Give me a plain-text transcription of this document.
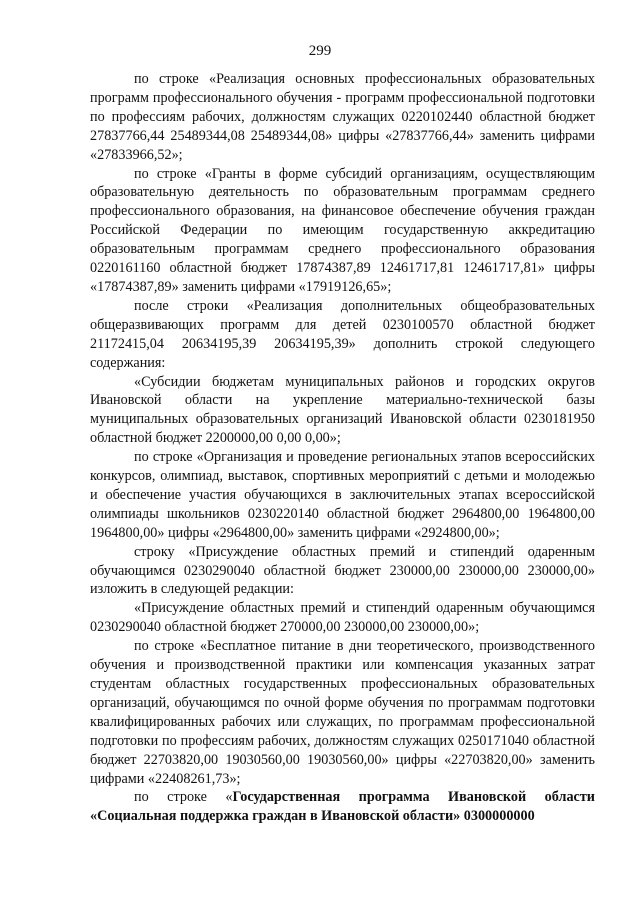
299

по строке «Реализация основных профессиональных образовательных программ профессионального обучения - программ профессиональной подготовки по профессиям рабочих, должностям служащих 0220102440 областной бюджет 27837766,44 25489344,08 25489344,08» цифры «27837766,44» заменить цифрами «27833966,52»;

по строке «Гранты в форме субсидий организациям, осуществляющим образовательную деятельность по образовательным программам среднего профессионального образования, на финансовое обеспечение обучения граждан Российской Федерации по имеющим государственную аккредитацию образовательным программам среднего профессионального образования 0220161160 областной бюджет 17874387,89 12461717,81 12461717,81» цифры «17874387,89» заменить цифрами «17919126,65»;

после строки «Реализация дополнительных общеобразовательных общеразвивающих программ для детей 0230100570 областной бюджет 21172415,04 20634195,39 20634195,39» дополнить строкой следующего содержания:

«Субсидии бюджетам муниципальных районов и городских округов Ивановской области на укрепление материально-технической базы муниципальных образовательных организаций Ивановской области 0230181950 областной бюджет 2200000,00 0,00 0,00»;

по строке «Организация и проведение региональных этапов всероссийских конкурсов, олимпиад, выставок, спортивных мероприятий с детьми и молодежью и обеспечение участия обучающихся в заключительных этапах всероссийской олимпиады школьников 0230220140 областной бюджет 2964800,00 1964800,00 1964800,00» цифры «2964800,00» заменить цифрами «2924800,00»;

строку «Присуждение областных премий и стипендий одаренным обучающимся 0230290040 областной бюджет 230000,00 230000,00 230000,00» изложить в следующей редакции:

«Присуждение областных премий и стипендий одаренным обучающимся 0230290040 областной бюджет 270000,00 230000,00 230000,00»;

по строке «Бесплатное питание в дни теоретического, производственного обучения и производственной практики или компенсация указанных затрат студентам областных государственных профессиональных образовательных организаций, обучающимся по очной форме обучения по программам подготовки квалифицированных рабочих или служащих, по программам профессиональной подготовки по профессиям рабочих, должностям служащих 0250171040 областной бюджет 22703820,00 19030560,00 19030560,00» цифры «22703820,00» заменить цифрами «22408261,73»;

по строке «Государственная программа Ивановской области «Социальная поддержка граждан в Ивановской области» 0300000000
